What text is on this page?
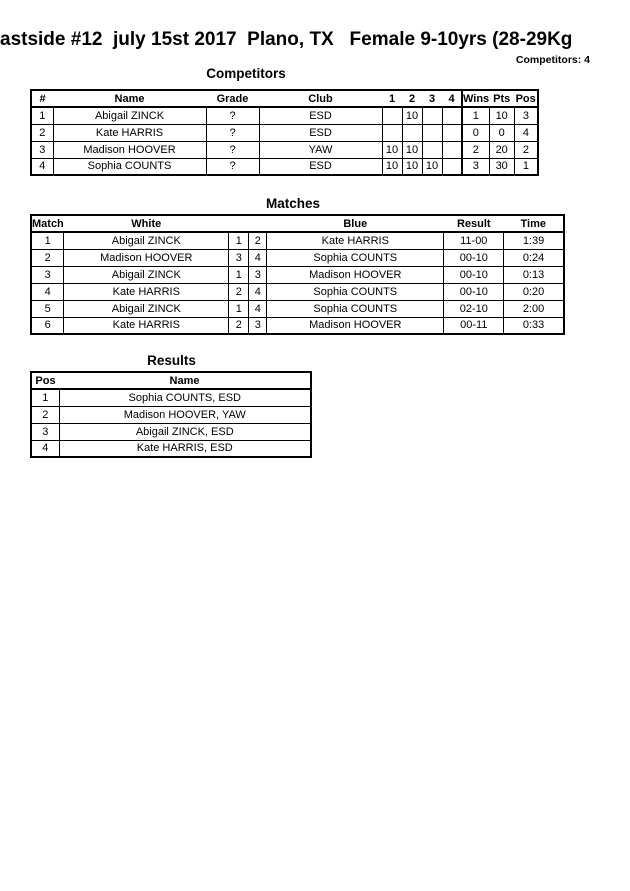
astside #12  july 15st 2017  Plano, TX   Female 9-10yrs (28-29Kg
Competitors: 4
Competitors
#	Name	Grade	Club	1	2	3	4	Wins	Pts	Pos
1	Abigail ZINCK	?	ESD		10			1	10	3
2	Kate HARRIS	?	ESD					0	0	4
3	Madison HOOVER	?	YAW	10	10			2	20	2
4	Sophia COUNTS	?	ESD	10	10	10		3	30	1
Matches
Match	White			Blue	Result	Time
1	Abigail ZINCK	1	2	Kate HARRIS	11-00	1:39
2	Madison HOOVER	3	4	Sophia COUNTS	00-10	0:24
3	Abigail ZINCK	1	3	Madison HOOVER	00-10	0:13
4	Kate HARRIS	2	4	Sophia COUNTS	00-10	0:20
5	Abigail ZINCK	1	4	Sophia COUNTS	02-10	2:00
6	Kate HARRIS	2	3	Madison HOOVER	00-11	0:33
Results
Pos	Name
1	Sophia COUNTS, ESD
2	Madison HOOVER, YAW
3	Abigail ZINCK, ESD
4	Kate HARRIS, ESD
